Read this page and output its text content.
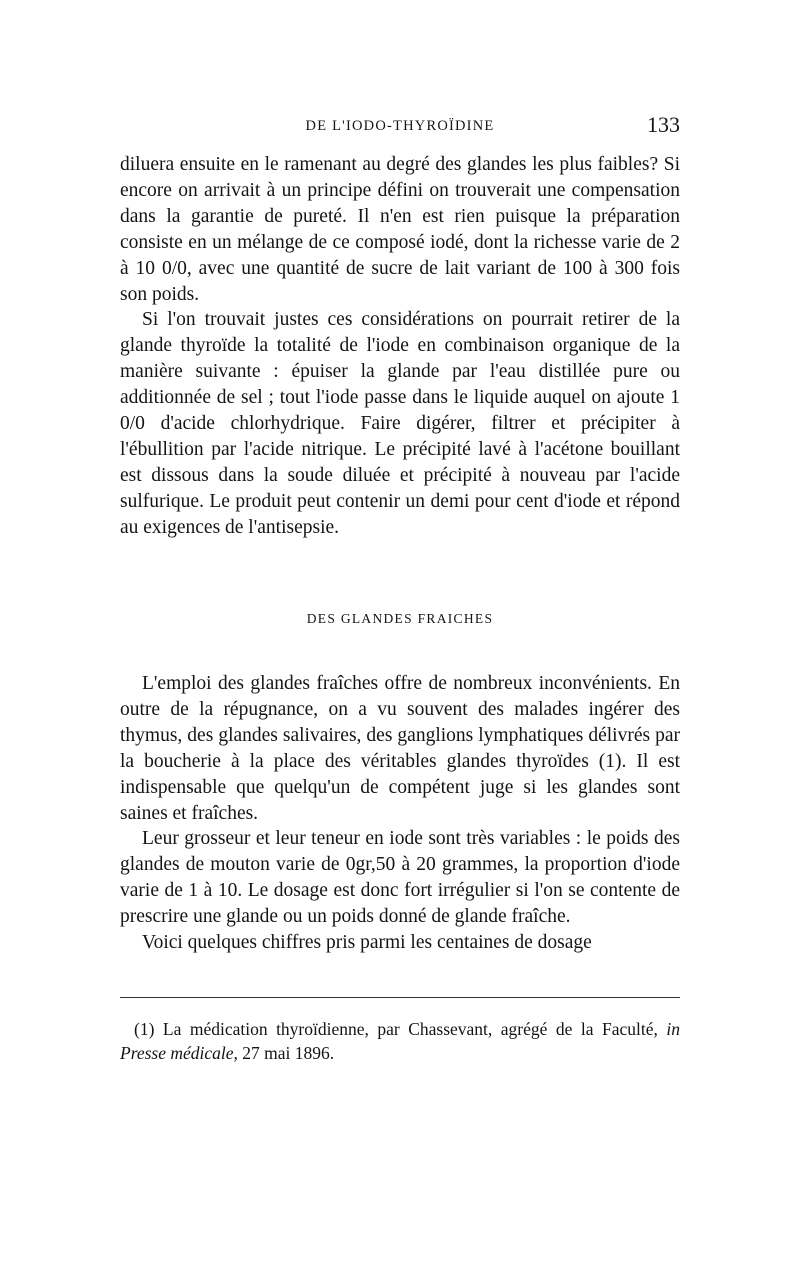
DE L'IODO-THYROÏDINE	133

diluera ensuite en le ramenant au degré des glandes les plus faibles? Si encore on arrivait à un principe défini on trouverait une compensation dans la garantie de pureté. Il n'en est rien puisque la préparation consiste en un mélange de ce composé iodé, dont la richesse varie de 2 à 10 0/0, avec une quantité de sucre de lait variant de 100 à 300 fois son poids.

Si l'on trouvait justes ces considérations on pourrait retirer de la glande thyroïde la totalité de l'iode en combinaison organique de la manière suivante : épuiser la glande par l'eau distillée pure ou additionnée de sel ; tout l'iode passe dans le liquide auquel on ajoute 1 0/0 d'acide chlorhydrique. Faire digérer, filtrer et précipiter à l'ébullition par l'acide nitrique. Le précipité lavé à l'acétone bouillant est dissous dans la soude diluée et précipité à nouveau par l'acide sulfurique. Le produit peut contenir un demi pour cent d'iode et répond au exigences de l'antisepsie.

DES GLANDES FRAICHES

L'emploi des glandes fraîches offre de nombreux inconvénients. En outre de la répugnance, on a vu souvent des malades ingérer des thymus, des glandes salivaires, des ganglions lymphatiques délivrés par la boucherie à la place des véritables glandes thyroïdes (1). Il est indispensable que quelqu'un de compétent juge si les glandes sont saines et fraîches.

Leur grosseur et leur teneur en iode sont très variables : le poids des glandes de mouton varie de 0gr,50 à 20 grammes, la proportion d'iode varie de 1 à 10. Le dosage est donc fort irrégulier si l'on se contente de prescrire une glande ou un poids donné de glande fraîche.

Voici quelques chiffres pris parmi les centaines de dosage

(1) La médication thyroïdienne, par Chassevant, agrégé de la Faculté, in Presse médicale, 27 mai 1896.
